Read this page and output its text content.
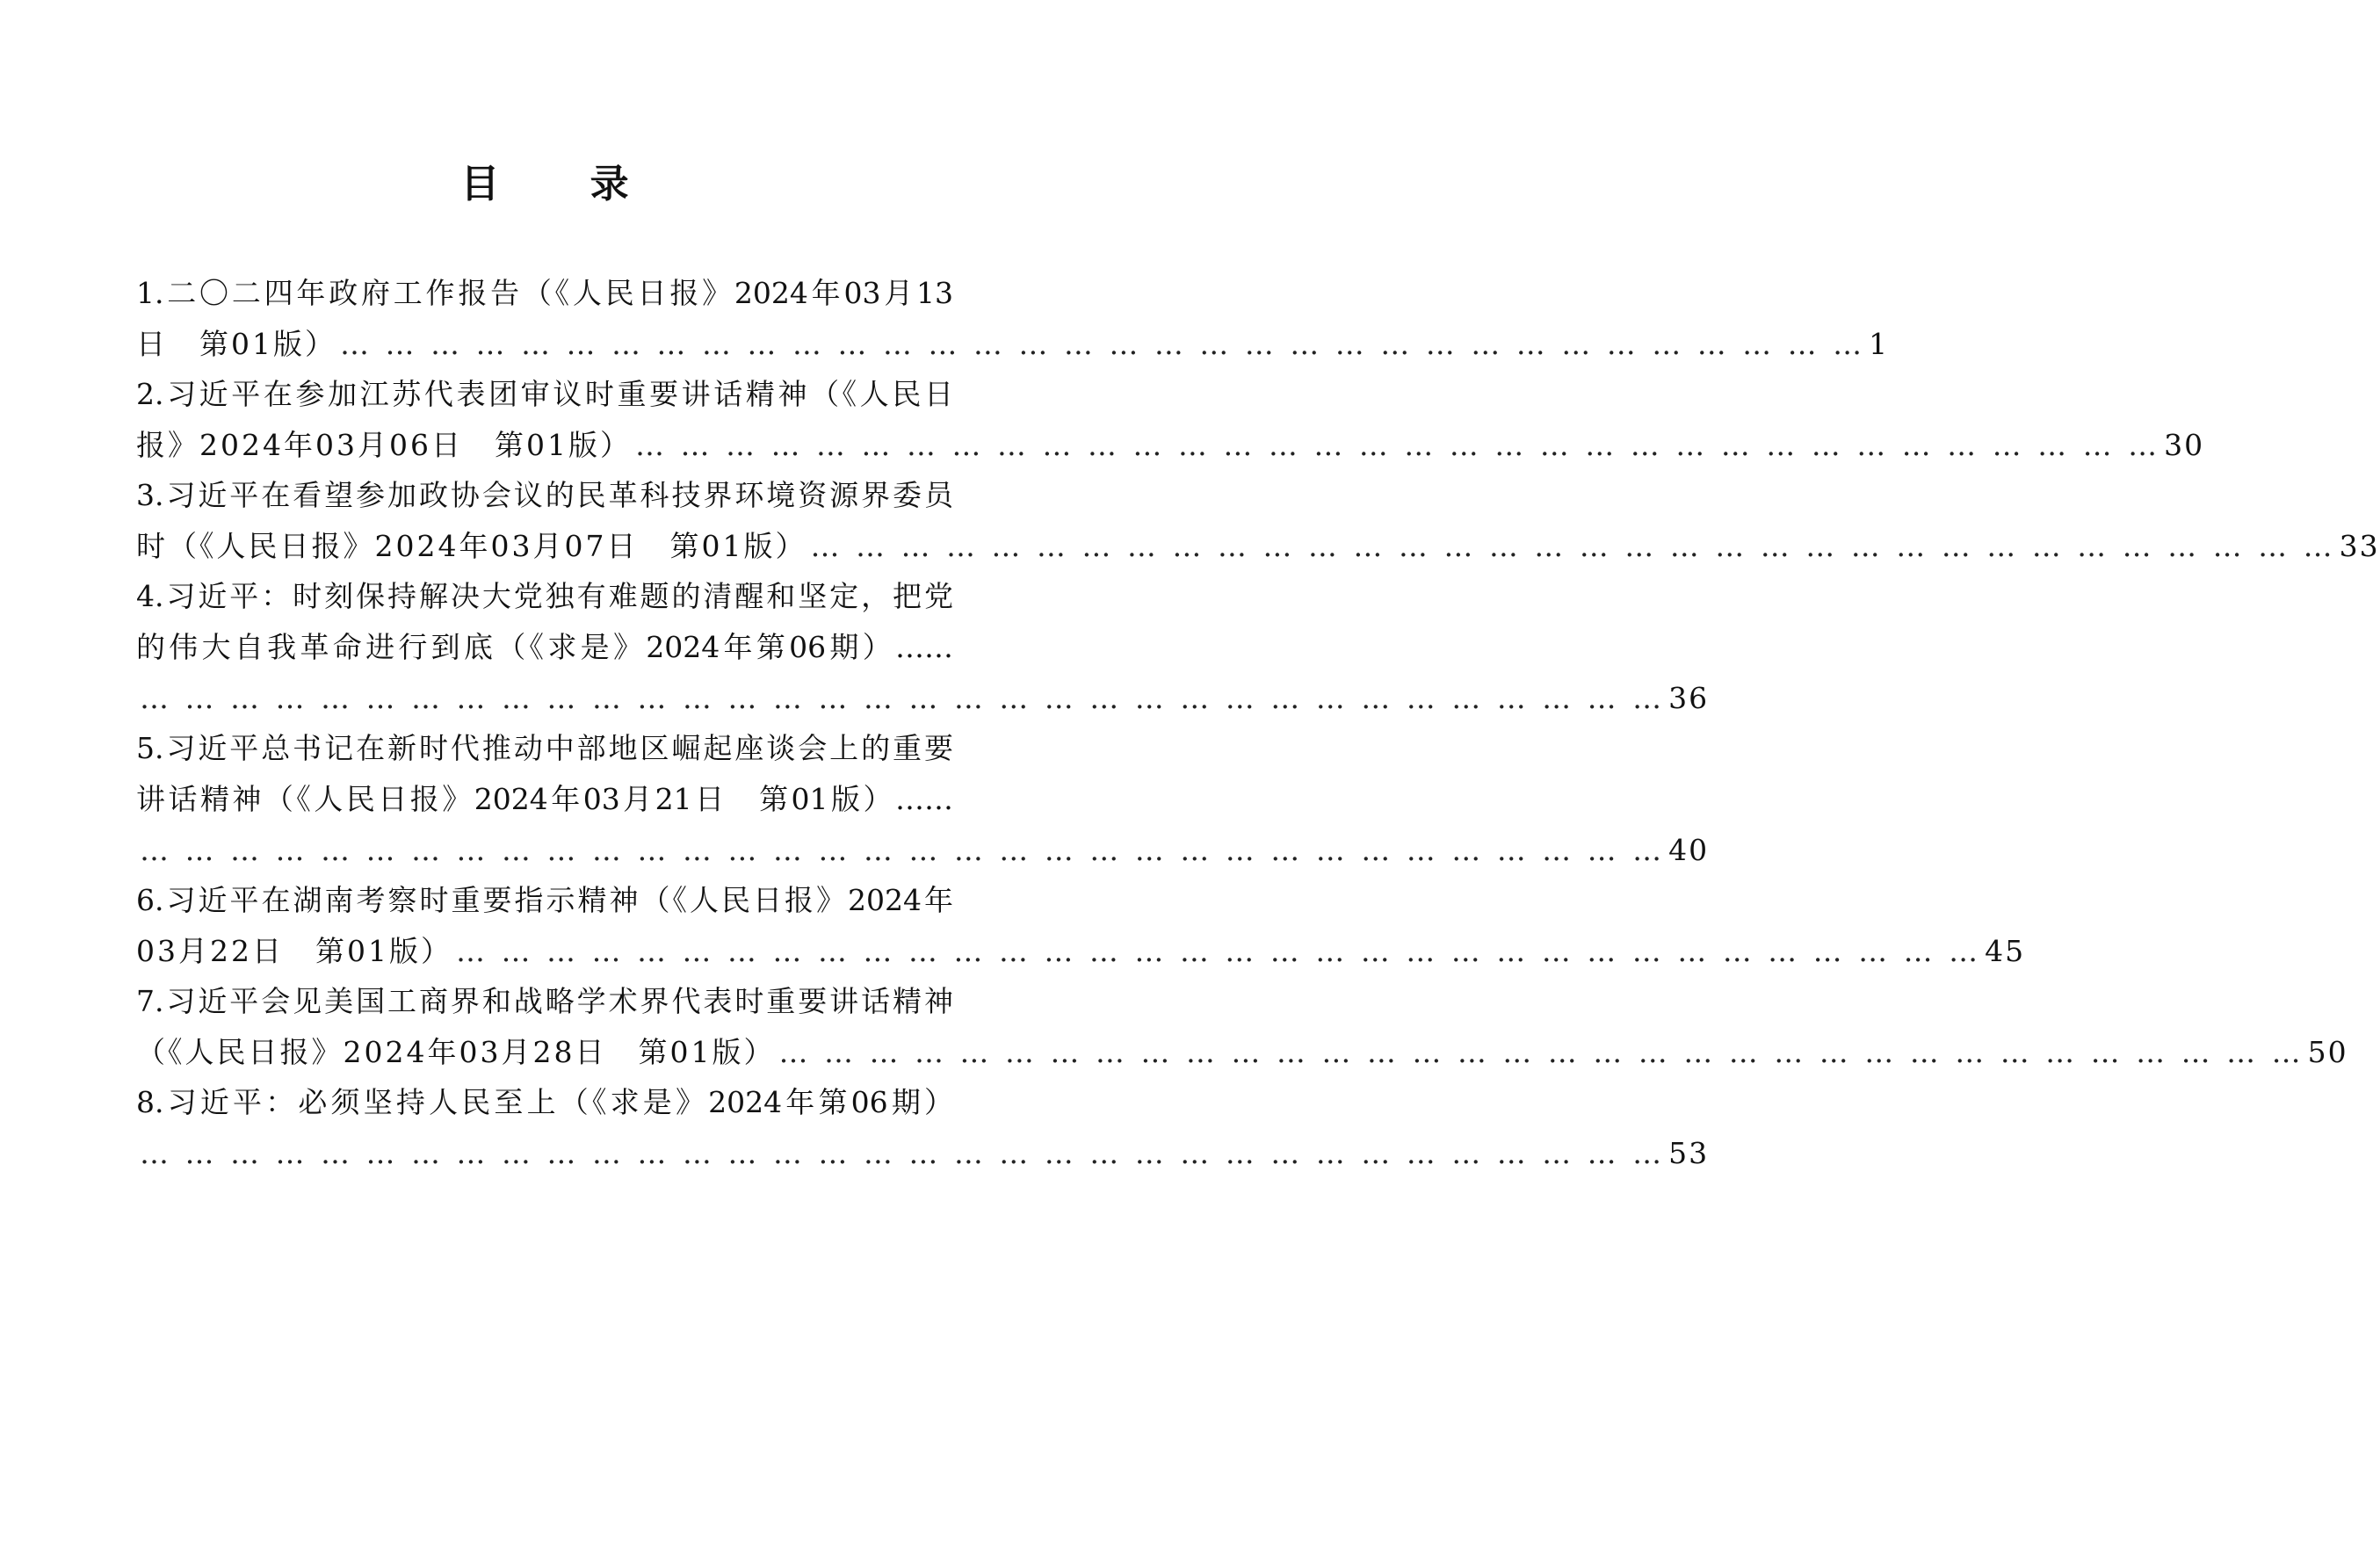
目 录
1.二〇二四年政府工作报告（《人民日报》2024年03月13
日　第01版） … … … … … … … … … … … … … … … … … … … … … … … … … … … … … … … … … … 1
2.习近平在参加江苏代表团审议时重要讲话精神（《人民日
报》2024年03月06日　第01版） … … … … … … … … … … … … … … … … … … … … … … … … … … … … … … … … … … 30
3.习近平在看望参加政协会议的民革科技界环境资源界委员
时（《人民日报》2024年03月07日　第01版） … … … … … … … … … … … … … … … … … … … … … … … … … … … … … … … … … … 33
4.习近平：时刻保持解决大党独有难题的清醒和坚定，把党
的伟大自我革命进行到底（《求是》2024年第06期）……
… … … … … … … … … … … … … … … … … … … … … … … … … … … … … … … … … … 36
5.习近平总书记在新时代推动中部地区崛起座谈会上的重要
讲话精神（《人民日报》2024年03月21日　第01版）……
… … … … … … … … … … … … … … … … … … … … … … … … … … … … … … … … … … 40
6.习近平在湖南考察时重要指示精神（《人民日报》2024年
03月22日　第01版） … … … … … … … … … … … … … … … … … … … … … … … … … … … … … … … … … … 45
7.习近平会见美国工商界和战略学术界代表时重要讲话精神
（《人民日报》2024年03月28日　第01版） … … … … … … … … … … … … … … … … … … … … … … … … … … … … … … … … … … 50
8.习近平：必须坚持人民至上（《求是》2024年第06期）
… … … … … … … … … … … … … … … … … … … … … … … … … … … … … … … … … … 53
